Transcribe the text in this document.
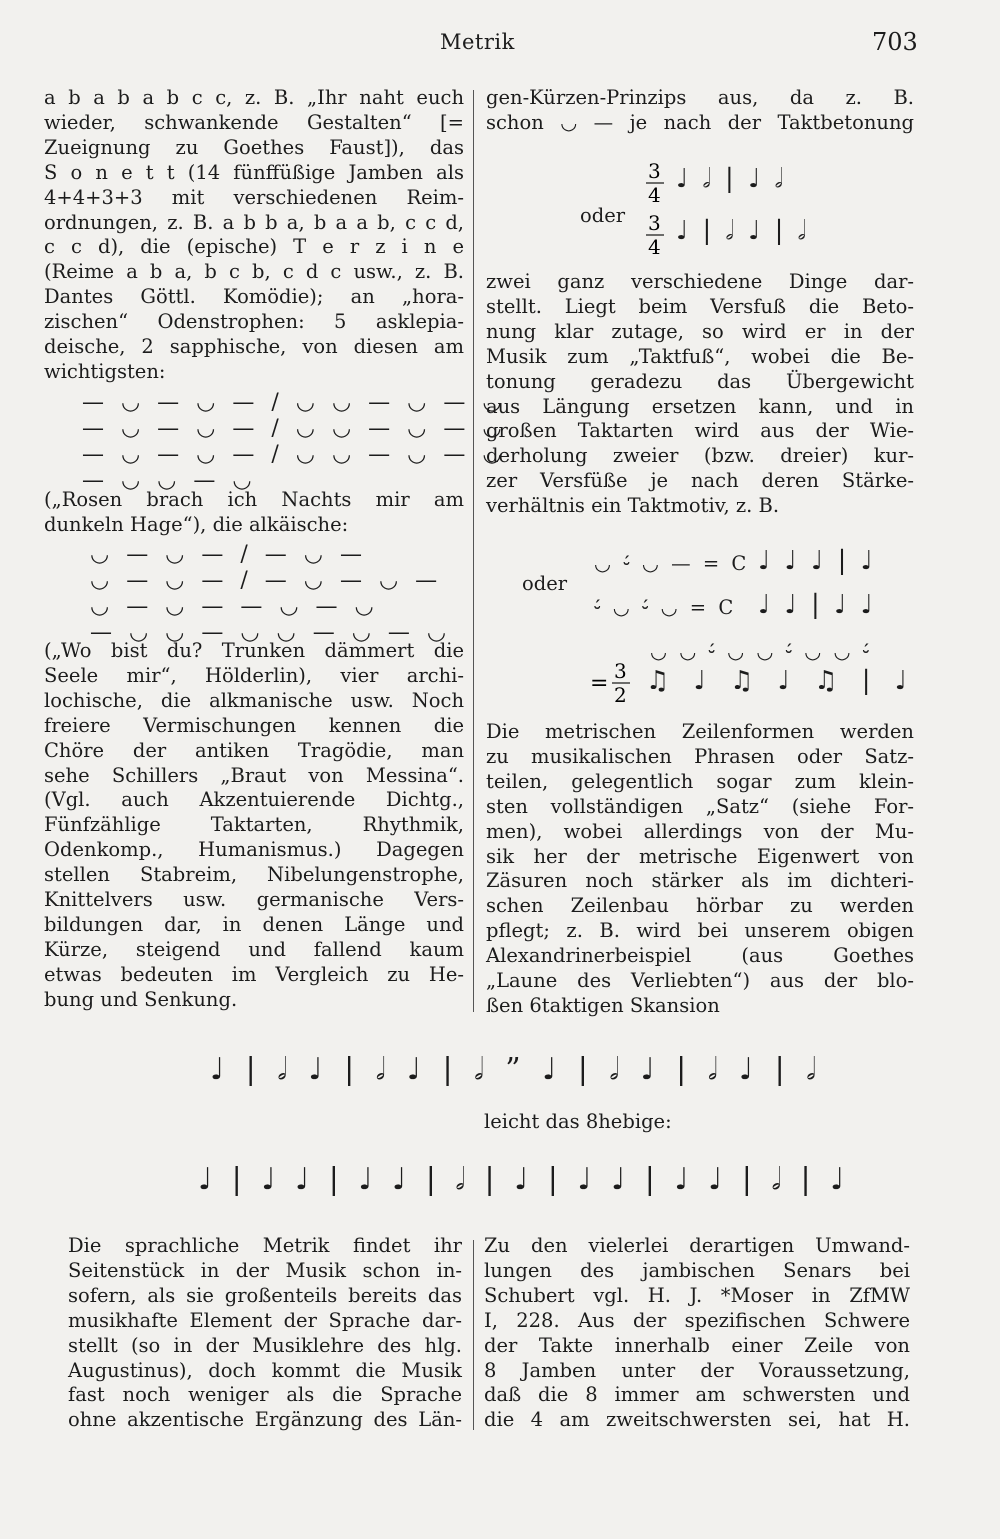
Metrik	703

a b a b a b c c, z. B. „Ihr naht euch

wieder, schwankende Gestalten“ [=

Zueignung zu Goethes Faust]), das

S o n e t t (14 fünffüßige Jamben als

4+4+3+3 mit verschiedenen Reim-

ordnungen, z. B. a b b a, b a a b, c c d,

c c d), die (epische) T e r z i n e

(Reime a b a, b c b, c d c usw., z. B.

Dantes Göttl. Komödie); an „hora-

zischen“ Odenstrophen: 5 asklepia-

deische, 2 sapphische, von diesen am

wichtigsten:

— ◡ — ◡ — / ◡ ◡ — ◡ — ◡
— ◡ — ◡ — / ◡ ◡ — ◡ — ◡
— ◡ — ◡ — / ◡ ◡ — ◡ — ◡
— ◡ ◡ — ◡

(„Rosen brach ich Nachts mir am

dunkeln Hage“), die alkäische:

◡ — ◡ — / — ◡ —
◡ — ◡ — / — ◡ — ◡ —
◡ — ◡ — — ◡ — ◡
— ◡ ◡ — ◡ ◡ — ◡ — ◡

(„Wo bist du? Trunken dämmert die

Seele mir“, Hölderlin), vier archi-

lochische, die alkmanische usw. Noch

freiere Vermischungen kennen die

Chöre der antiken Tragödie, man

sehe Schillers „Braut von Messina“.

(Vgl. auch Akzentuierende Dichtg.,

Fünfzählige Taktarten, Rhythmik,

Odenkomp., Humanismus.) Dagegen

stellen Stabreim, Nibelungenstrophe,

Knittelvers usw. germanische Vers-

bildungen dar, in denen Länge und

Kürze, steigend und fallend kaum

etwas bedeuten im Vergleich zu He-

bung und Senkung.

gen-Kürzen-Prinzips aus, da z. B.

schon ◡ — je nach der Taktbetonung

oder
3
4
3
4
♩ 𝅗𝅥 | ♩ 𝅗𝅥
♩ | 𝅗𝅥 ♩ | 𝅗𝅥

zwei ganz verschiedene Dinge dar-

stellt. Liegt beim Versfuß die Beto-

nung klar zutage, so wird er in der

Musik zum „Taktfuß“, wobei die Be-

tonung geradezu das Übergewicht

aus Längung ersetzen kann, und in

großen Taktarten wird aus der Wie-

derholung zweier (bzw. dreier) kur-

zer Versfüße je nach deren Stärke-

verhältnis ein Taktmotiv, z. B.

oder
◡ ⏑́ ◡ — = C ♩ ♩ ♩ | ♩
⏑́ ◡ ⏑́ ◡ = C ♩ ♩ | ♩ ♩
◡ ◡ ⏑́ ◡ ◡ ⏑́ ◡ ◡ ⏑́
= 3
2 ♫ ♩ ♫ ♩ ♫ | ♩

Die metrischen Zeilenformen werden

zu musikalischen Phrasen oder Satz-

teilen, gelegentlich sogar zum klein-

sten vollständigen „Satz“ (siehe For-

men), wobei allerdings von der Mu-

sik her der metrische Eigenwert von

Zäsuren noch stärker als im dichteri-

schen Zeilenbau hörbar zu werden

pflegt; z. B. wird bei unserem obigen

Alexandrinerbeispiel (aus Goethes

„Laune des Verliebten“) aus der blo-

ßen 6taktigen Skansion

♩ | 𝅗𝅥 ♩ | 𝅗𝅥 ♩ | 𝅗𝅥 ” ♩ | 𝅗𝅥 ♩ | 𝅗𝅥 ♩ | 𝅗𝅥
leicht das 8hebige:
♩ | ♩ ♩ | ♩ ♩ | 𝅗𝅥 | ♩ | ♩ ♩ | ♩ ♩ | 𝅗𝅥 | ♩

Die sprachliche Metrik findet ihr

Seitenstück in der Musik schon in-

sofern, als sie großenteils bereits das

musikhafte Element der Sprache dar-

stellt (so in der Musiklehre des hlg.

Augustinus), doch kommt die Musik

fast noch weniger als die Sprache

ohne akzentische Ergänzung des Län-

Zu den vielerlei derartigen Umwand-

lungen des jambischen Senars bei

Schubert vgl. H. J. *Moser in ZfMW

I, 228. Aus der spezifischen Schwere

der Takte innerhalb einer Zeile von

8 Jamben unter der Voraussetzung,

daß die 8 immer am schwersten und

die 4 am zweitschwersten sei, hat H.
